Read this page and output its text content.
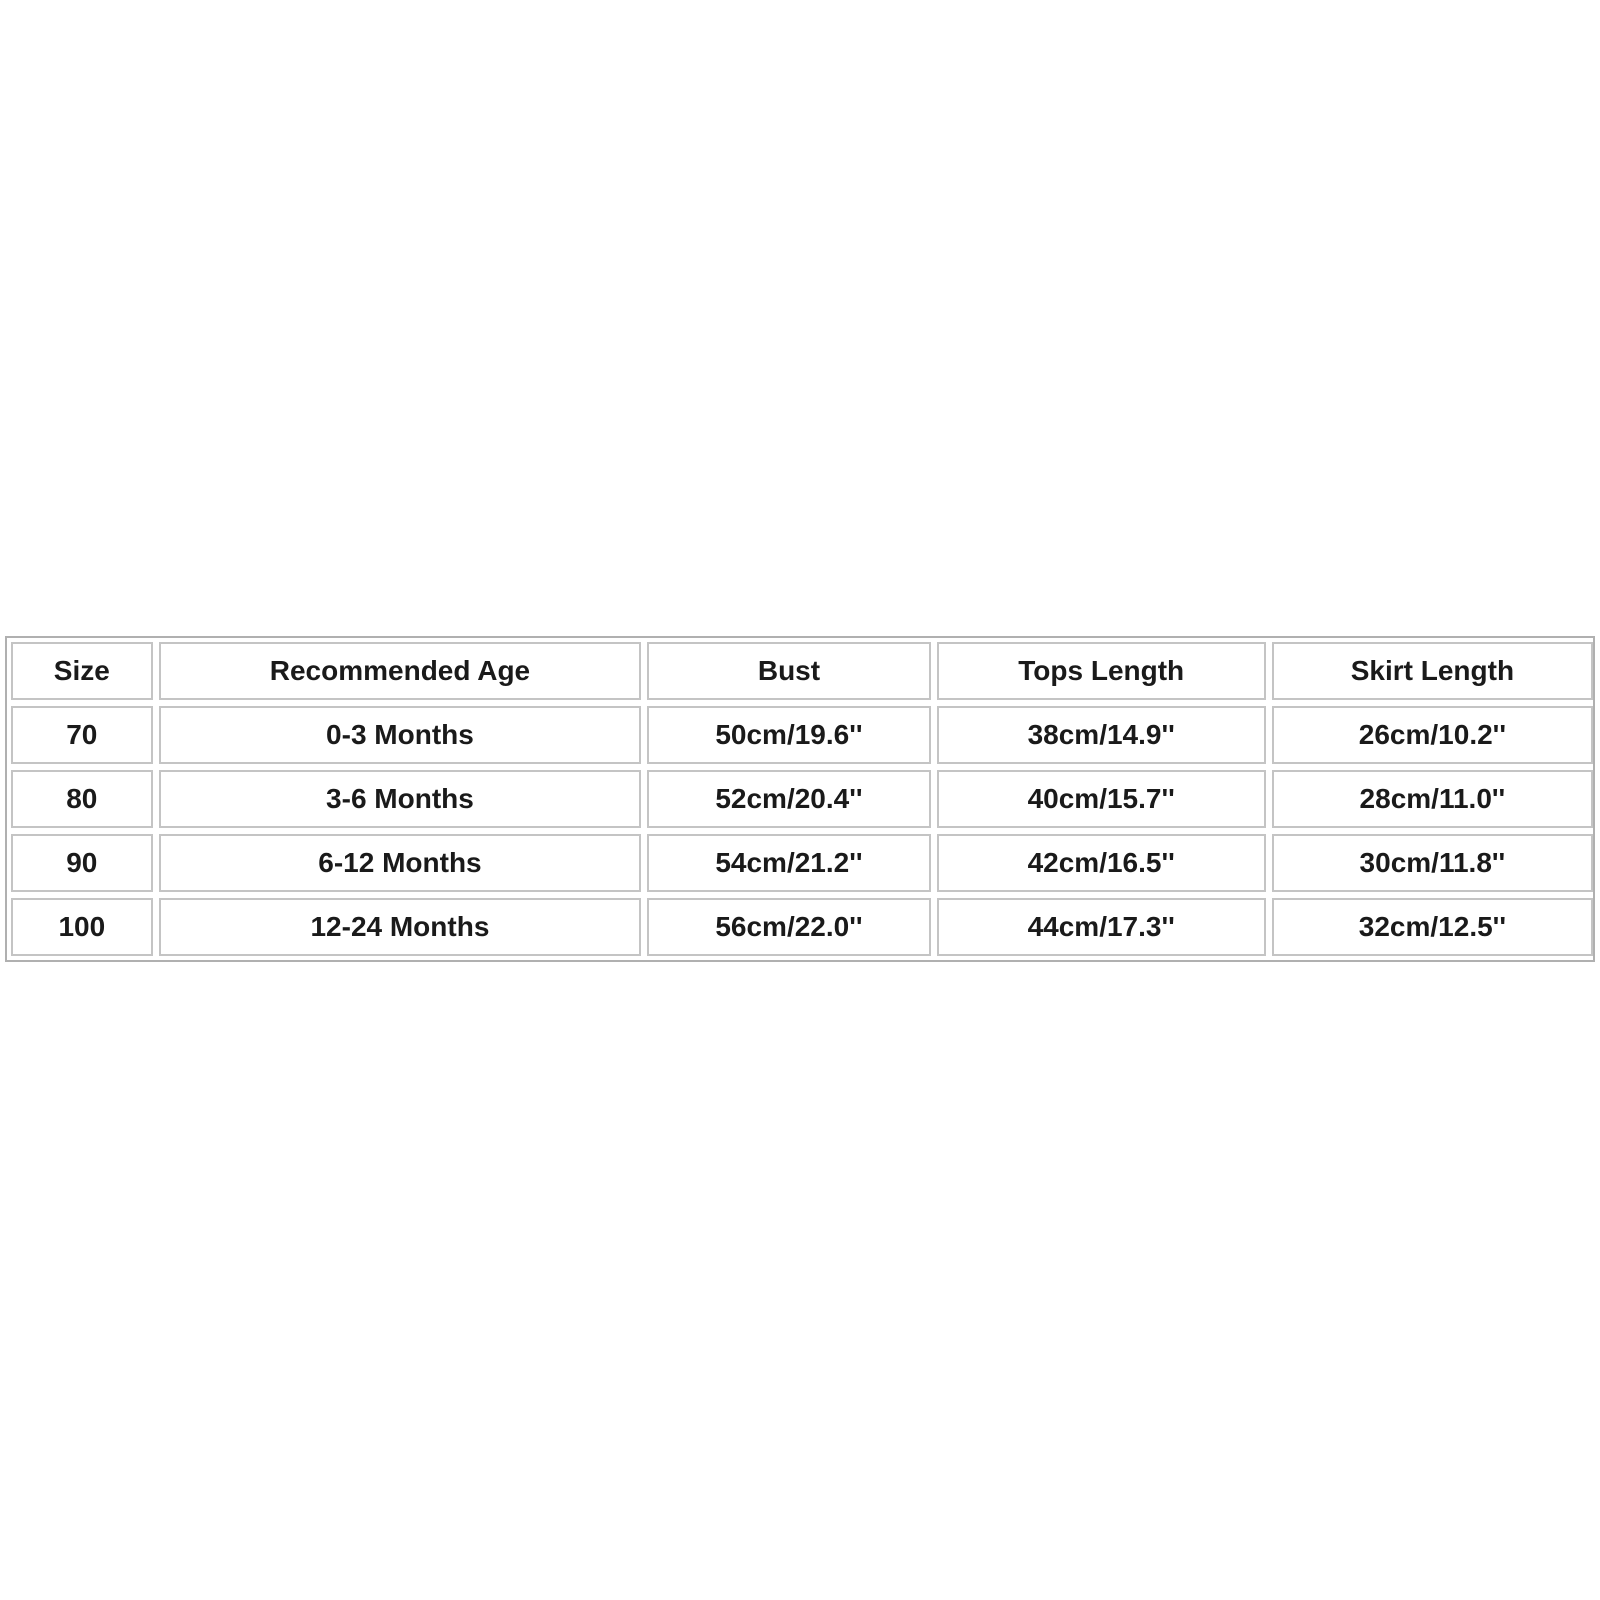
Size	Recommended Age	Bust	Tops Length	Skirt Length
70	0-3 Months	50cm/19.6''	38cm/14.9''	26cm/10.2''
80	3-6 Months	52cm/20.4''	40cm/15.7''	28cm/11.0''
90	6-12 Months	54cm/21.2''	42cm/16.5''	30cm/11.8''
100	12-24 Months	56cm/22.0''	44cm/17.3''	32cm/12.5''
